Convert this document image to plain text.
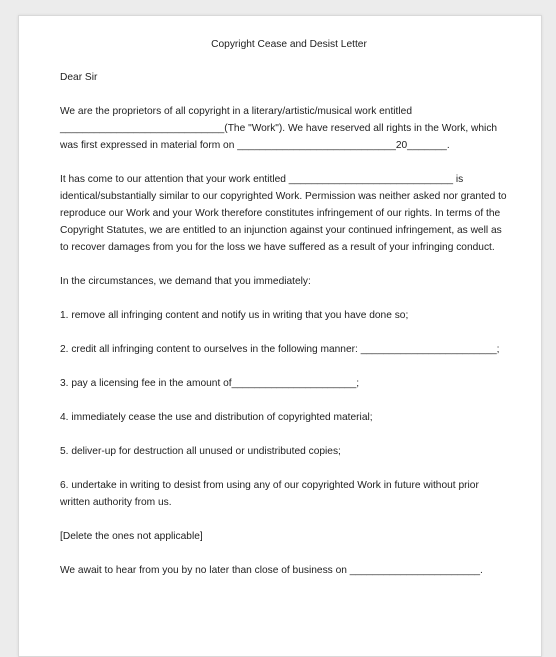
Copyright Cease and Desist Letter

Dear Sir

We are the proprietors of all copyright in a literary/artistic/musical work entitled
_____________________________(The "Work"). We have reserved all rights in the Work, which
was first expressed in material form on ____________________________20_______.

It has come to our attention that your work entitled _____________________________ is
identical/substantially similar to our copyrighted Work. Permission was neither asked nor granted to
reproduce our Work and your Work therefore constitutes infringement of our rights. In terms of the
Copyright Statutes, we are entitled to an injunction against your continued infringement, as well as
to recover damages from you for the loss we have suffered as a result of your infringing conduct.

In the circumstances, we demand that you immediately:

1. remove all infringing content and notify us in writing that you have done so;

2. credit all infringing content to ourselves in the following manner: ________________________;

3. pay a licensing fee in the amount of______________________;

4. immediately cease the use and distribution of copyrighted material;

5. deliver-up for destruction all unused or undistributed copies;

6. undertake in writing to desist from using any of our copyrighted Work in future without prior
written authority from us.

[Delete the ones not applicable]

We await to hear from you by no later than close of business on _______________________.
